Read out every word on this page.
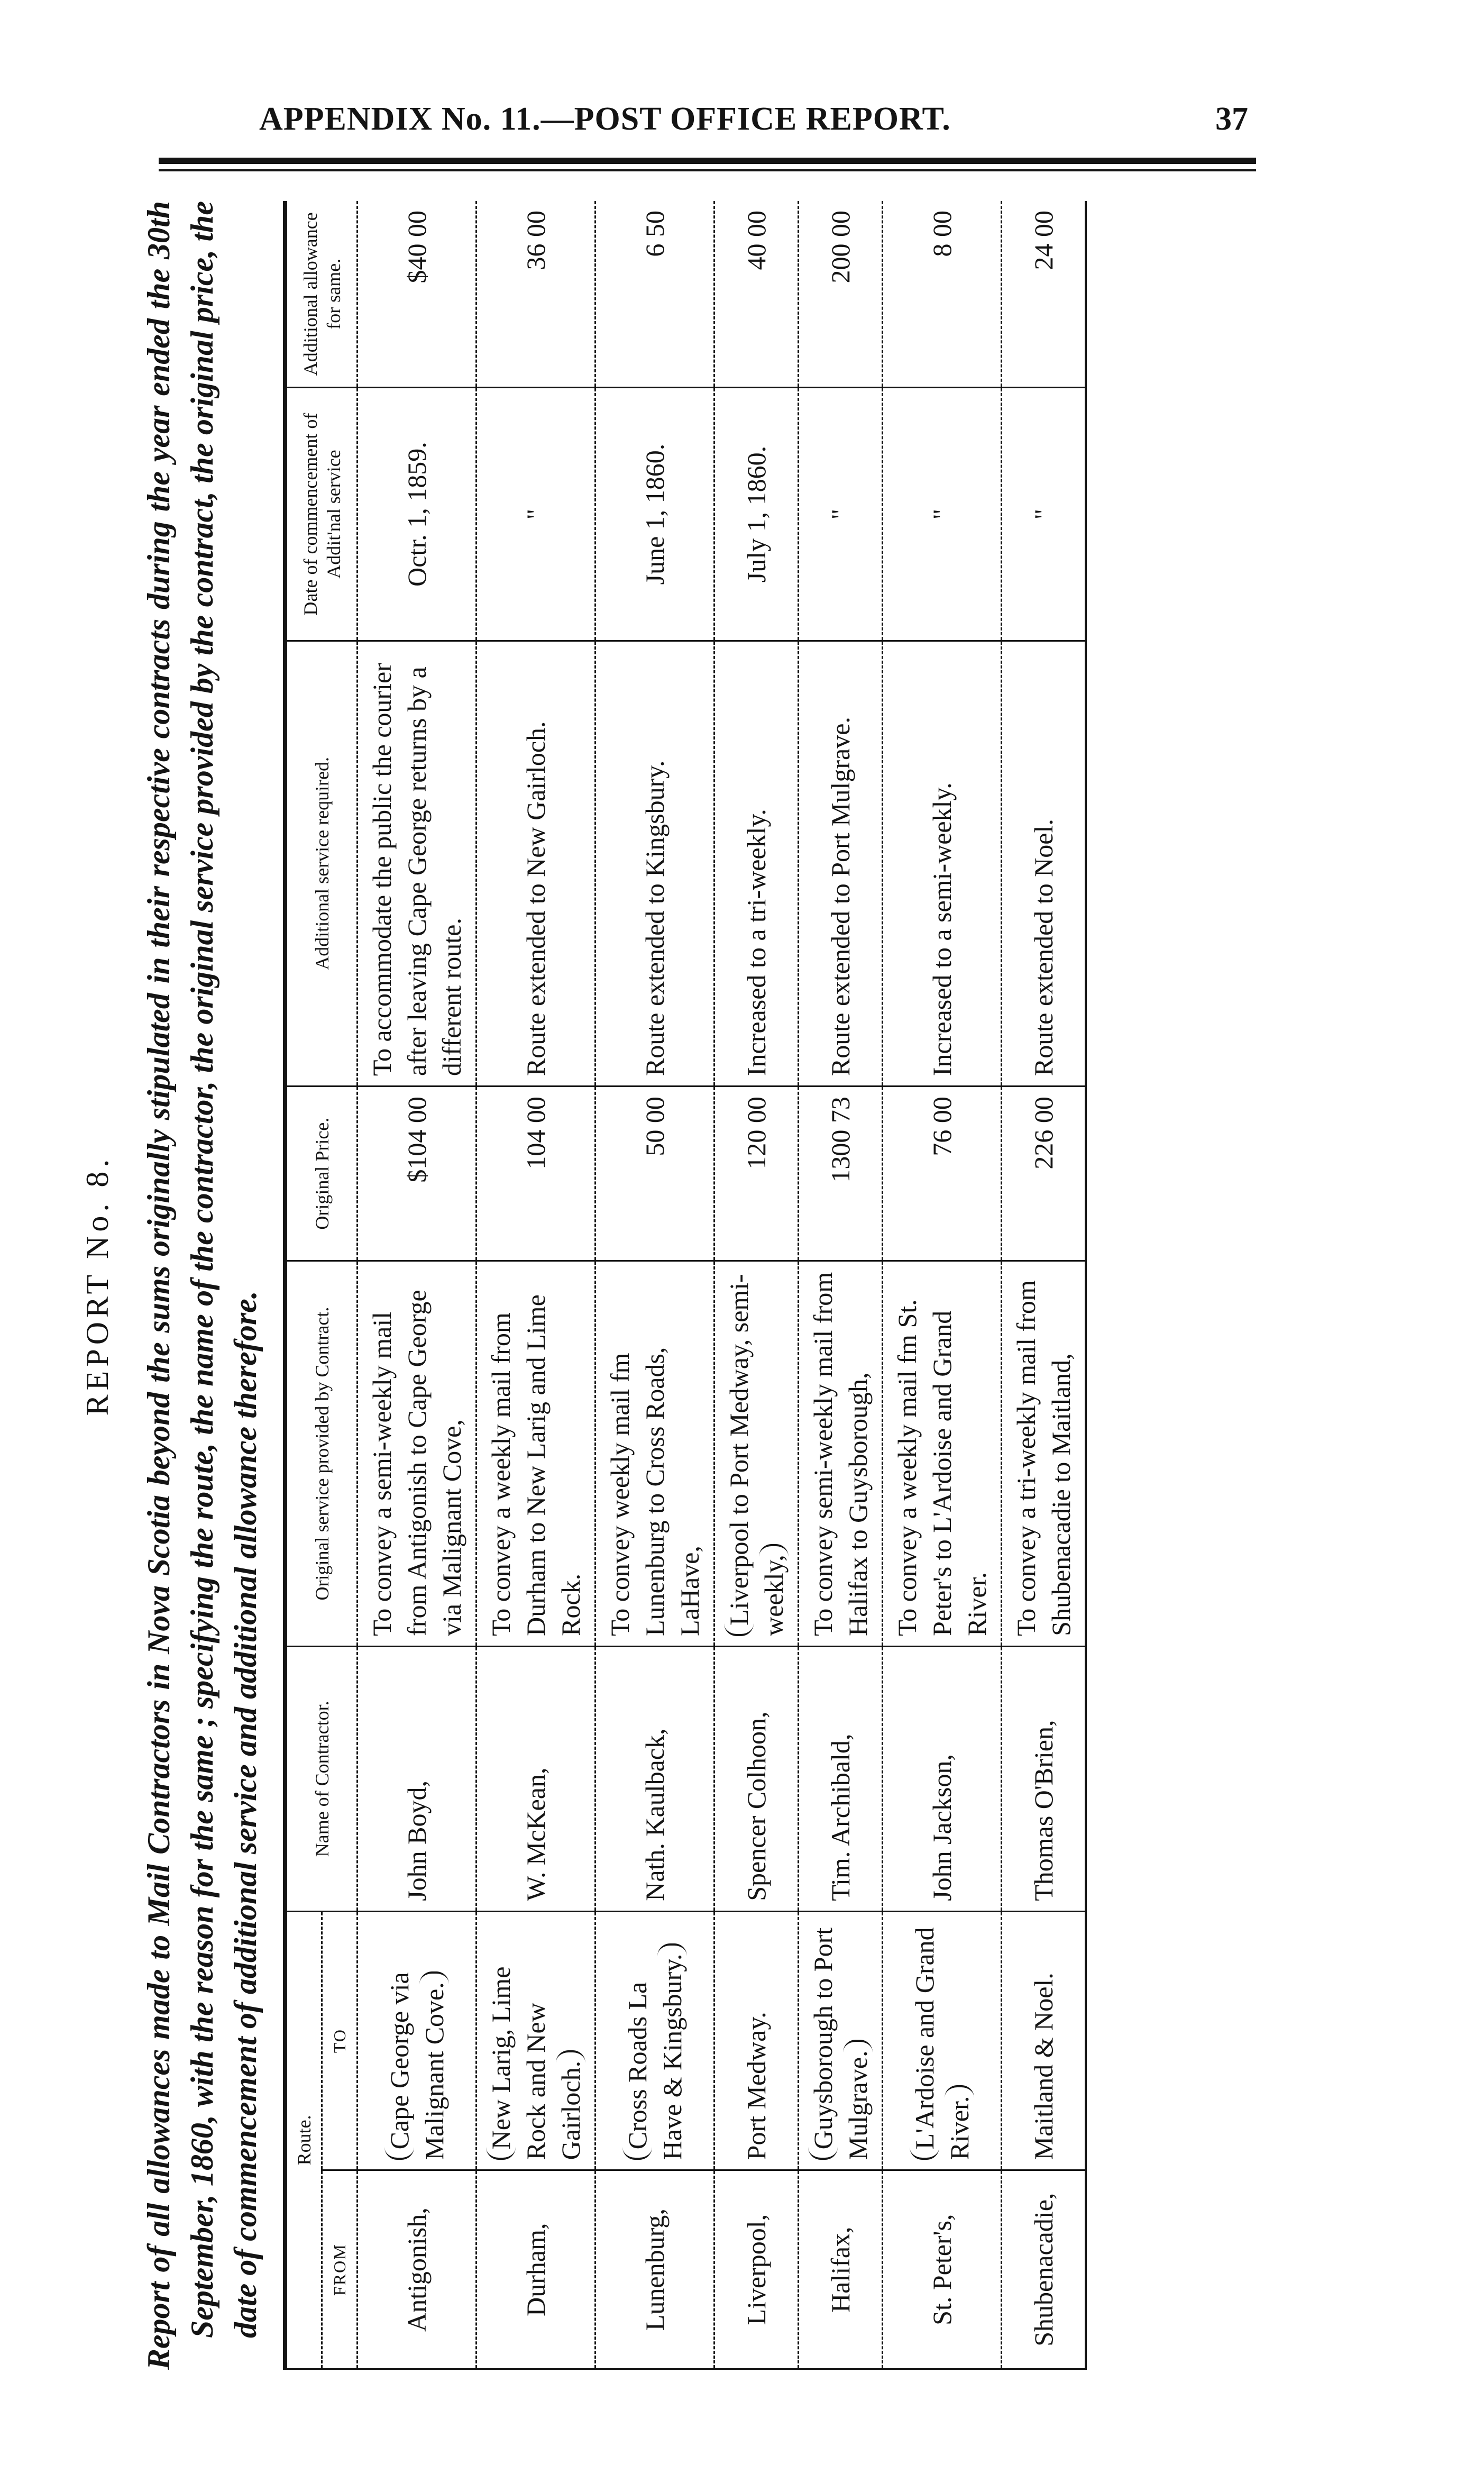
APPENDIX No. 11.—POST OFFICE REPORT.	37
REPORT No. 8. Report of all allowances made to Mail Contractors in Nova Scotia beyond the sums originally stipulated in their respective contracts during the year ended the 30th September, 1860, with the reason for the same ; specifying the route, the name of the contractor, the original service provided by the contract, the original price, the date of commencement of additional service and additional allowance therefore. Route.		Name of Contractor.	Original service provided by Contract.	Original Price.	Additional service required.	Date of commencement of Addit'nal service	Additional allowance for same.
FROM	TO						
Antigonish,	Cape George via Malignant Cove.	John Boyd,	To convey a semi-weekly mail from Antigonish to Cape George via Malignant Cove,	$104 00	To accommodate the public the courier after leaving Cape George returns by a different route.	Octr. 1, 1859.	$40 00
Durham,	New Larig, Lime Rock and New Gairloch.	W. McKean,	To convey a weekly mail from Durham to New Larig and Lime Rock.	104 00	Route extended to New Gairloch.	"	36 00
Lunenburg,	Cross Roads La Have & Kingsbury.	Nath. Kaulback,	To convey weekly mail fm Lunenburg to Cross Roads, LaHave,	50 00	Route extended to Kingsbury.	June 1, 1860.	6 50
Liverpool,	Port Medway.	Spencer Colhoon,	Liverpool to Port Medway, semi-weekly,	120 00	Increased to a tri-weekly.	July 1, 1860.	40 00
Halifax,	Guysborough to Port Mulgrave.	Tim. Archibald,	To convey semi-weekly mail from Halifax to Guysborough,	1300 73	Route extended to Port Mulgrave.	"	200 00
St. Peter's,	L'Ardoise and Grand River.	John Jackson,	To convey a weekly mail fm St. Peter's to L'Ardoise and Grand River.	76 00	Increased to a semi-weekly.	"	8 00
Shubenacadie,	Maitland & Noel.	Thomas O'Brien,	To convey a tri-weekly mail from Shubenacadie to Maitland,	226 00	Route extended to Noel.	"	24 00
